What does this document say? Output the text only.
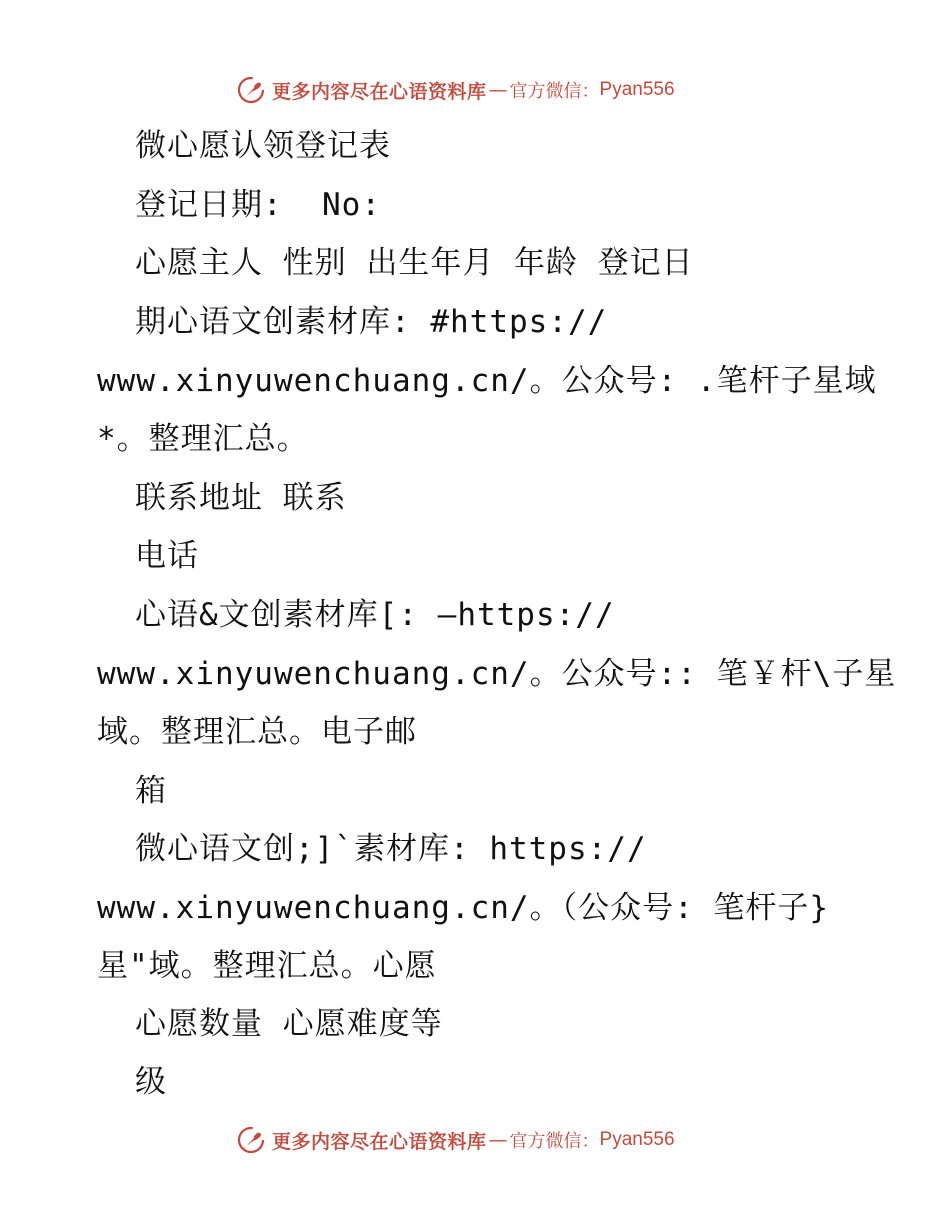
更多内容尽在心语资料库 — 官方微信： Pyan556
微心愿认领登记表
登记日期:  No:
心愿主人 性别 出生年月 年龄 登记日
期心语文创素材库: #https://
www.xinyuwenchuang.cn/。公众号: .笔杆子星域
*。整理汇总。
联系地址 联系
电话
心语&文创素材库[: —https://
www.xinyuwenchuang.cn/。公众号:: 笔￥杆\子星
域。整理汇总。电子邮
箱
微心语文创;]`素材库: https://
www.xinyuwenchuang.cn/。（公众号: 笔杆子}
星"域。整理汇总。心愿
心愿数量 心愿难度等
级
更多内容尽在心语资料库 — 官方微信： Pyan556
